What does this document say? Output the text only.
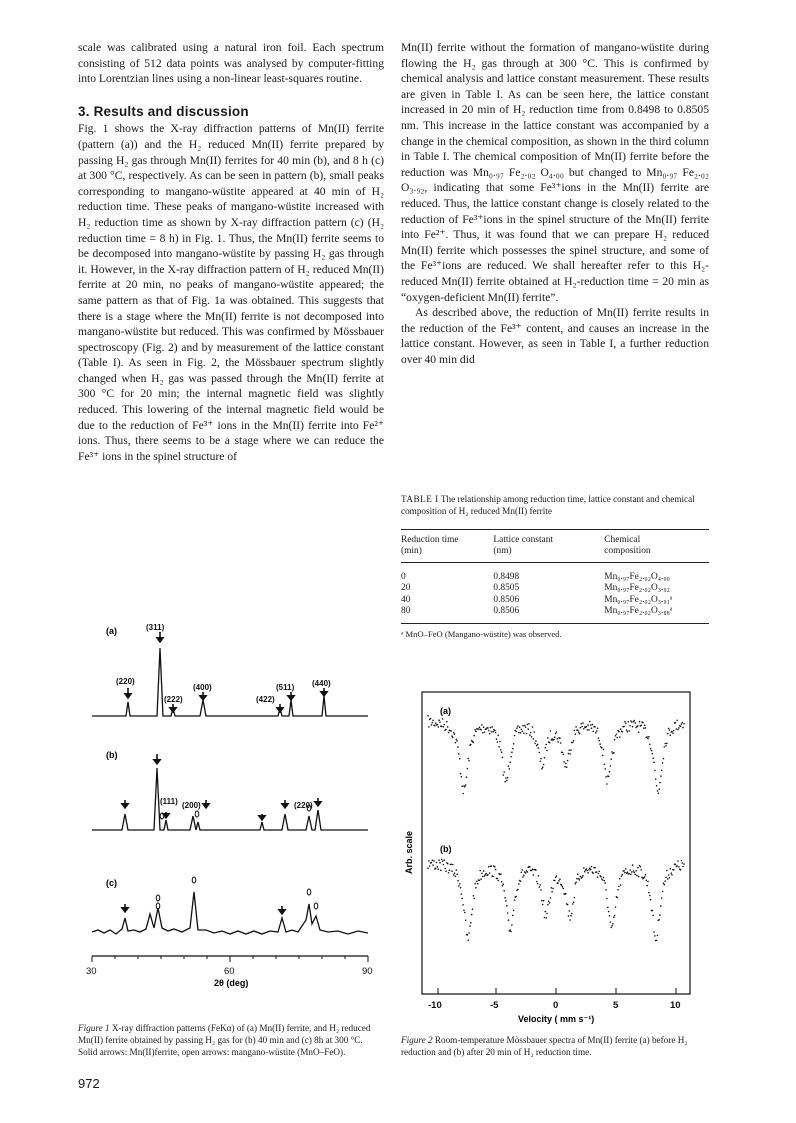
scale was calibrated using a natural iron foil. Each spectrum consisting of 512 data points was analysed by computer-fitting into Lorentzian lines using a non-linear least-squares routine.

3. Results and discussion

Fig. 1 shows the X-ray diffraction patterns of Mn(II) ferrite (pattern (a)) and the H₂ reduced Mn(II) ferrite prepared by passing H₂ gas through Mn(II) ferrites for 40 min (b), and 8 h (c) at 300 °C, respectively. As can be seen in pattern (b), small peaks corresponding to mangano-wüstite appeared at 40 min of H₂ reduction time. These peaks of mangano-wüstite increased with H₂ reduction time as shown by X-ray diffraction pattern (c) (H₂ reduction time = 8 h) in Fig. 1. Thus, the Mn(II) ferrite seems to be decomposed into mangano-wüstite by passing H₂ gas through it. However, in the X-ray diffraction pattern of H₂ reduced Mn(II) ferrite at 20 min, no peaks of mangano-wüstite appeared; the same pattern as that of Fig. 1a was obtained. This suggests that there is a stage where the Mn(II) ferrite is not decomposed into mangano-wüstite but reduced. This was confirmed by Mössbauer spectroscopy (Fig. 2) and by measurement of the lattice constant (Table I). As seen in Fig. 2, the Mössbauer spectrum slightly changed when H₂ gas was passed through the Mn(II) ferrite at 300 °C for 20 min; the internal magnetic field was slightly reduced. This lowering of the internal magnetic field would be due to the reduction of Fe³⁺ ions in the Mn(II) ferrite into Fe²⁺ ions. Thus, there seems to be a stage where we can reduce the Fe³⁺ ions in the spinel structure of

Mn(II) ferrite without the formation of mangano-wüstite during flowing the H₂ gas through at 300 °C. This is confirmed by chemical analysis and lattice constant measurement. These results are given in Table I. As can be seen here, the lattice constant increased in 20 min of H₂ reduction time from 0.8498 to 0.8505 nm. This increase in the lattice constant was accompanied by a change in the chemical composition, as shown in the third column in Table I. The chemical composition of Mn(II) ferrite before the reduction was Mn₀.₉₇ Fe₂.₀₂ O₄.₀₀ but changed to Mn₀.₉₇ Fe₂.₀₂ O₃.₉₂, indicating that some Fe³⁺ions in the Mn(II) ferrite are reduced. Thus, the lattice constant change is closely related to the reduction of Fe³⁺ions in the spinel structure of the Mn(II) ferrite into Fe²⁺. Thus, it was found that we can prepare H₂ reduced Mn(II) ferrite which possesses the spinel structure, and some of the Fe³⁺ions are reduced. We shall hereafter refer to this H₂-reduced Mn(II) ferrite obtained at H₂-reduction time = 20 min as “oxygen-deficient Mn(II) ferrite”.

As described above, the reduction of Mn(II) ferrite results in the reduction of the Fe³⁺ content, and causes an increase in the lattice constant. However, as seen in Table I, a further reduction over 40 min did

TABLE I The relationship among reduction time, lattice constant and chemical composition of H₂ reduced Mn(II) ferrite

Reduction time
(min)	Lattice constant
(nm)	Chemical
composition
0	0.8498	Mn₀.₉₇Fe₂.₀₂O₄.₀₀
20	0.8505	Mn₀.₉₇Fe₂.₀₂O₃.₉₂
40	0.8506	Mn₀.₉₇Fe₂.₀₂O₃.₉₁ᵃ
80	0.8506	Mn₀.₉₇Fe₂.₀₂O₃.₈₈ᵃ
ᵃ MnO–FeO (Mangano-wüstite) was observed.
(a)	(311)
(220)
(222)
(400)
(422)
(511) (440)
(b)
(111) (200)	(220)
(c)
30	60	90
2θ (deg)
Figure 1 X-ray diffraction patterns (FeKα) of (a) Mn(II) ferrite, and H₂ reduced Mn(II) ferrite obtained by passing H₂ gas for (b) 40 min and (c) 8h at 300 °C. Solid arrows: Mn(II)ferrite, open arrows: mangano-wüstite (MnO–FeO).
(a)
(b)
Arb. scale
-10	-5	0	5	10
Velocity ( mm s⁻¹)
Figure 2 Room-temperature Mössbauer spectra of Mn(II) ferrite (a) before H₂ reduction and (b) after 20 min of H₂ reduction time.
972
